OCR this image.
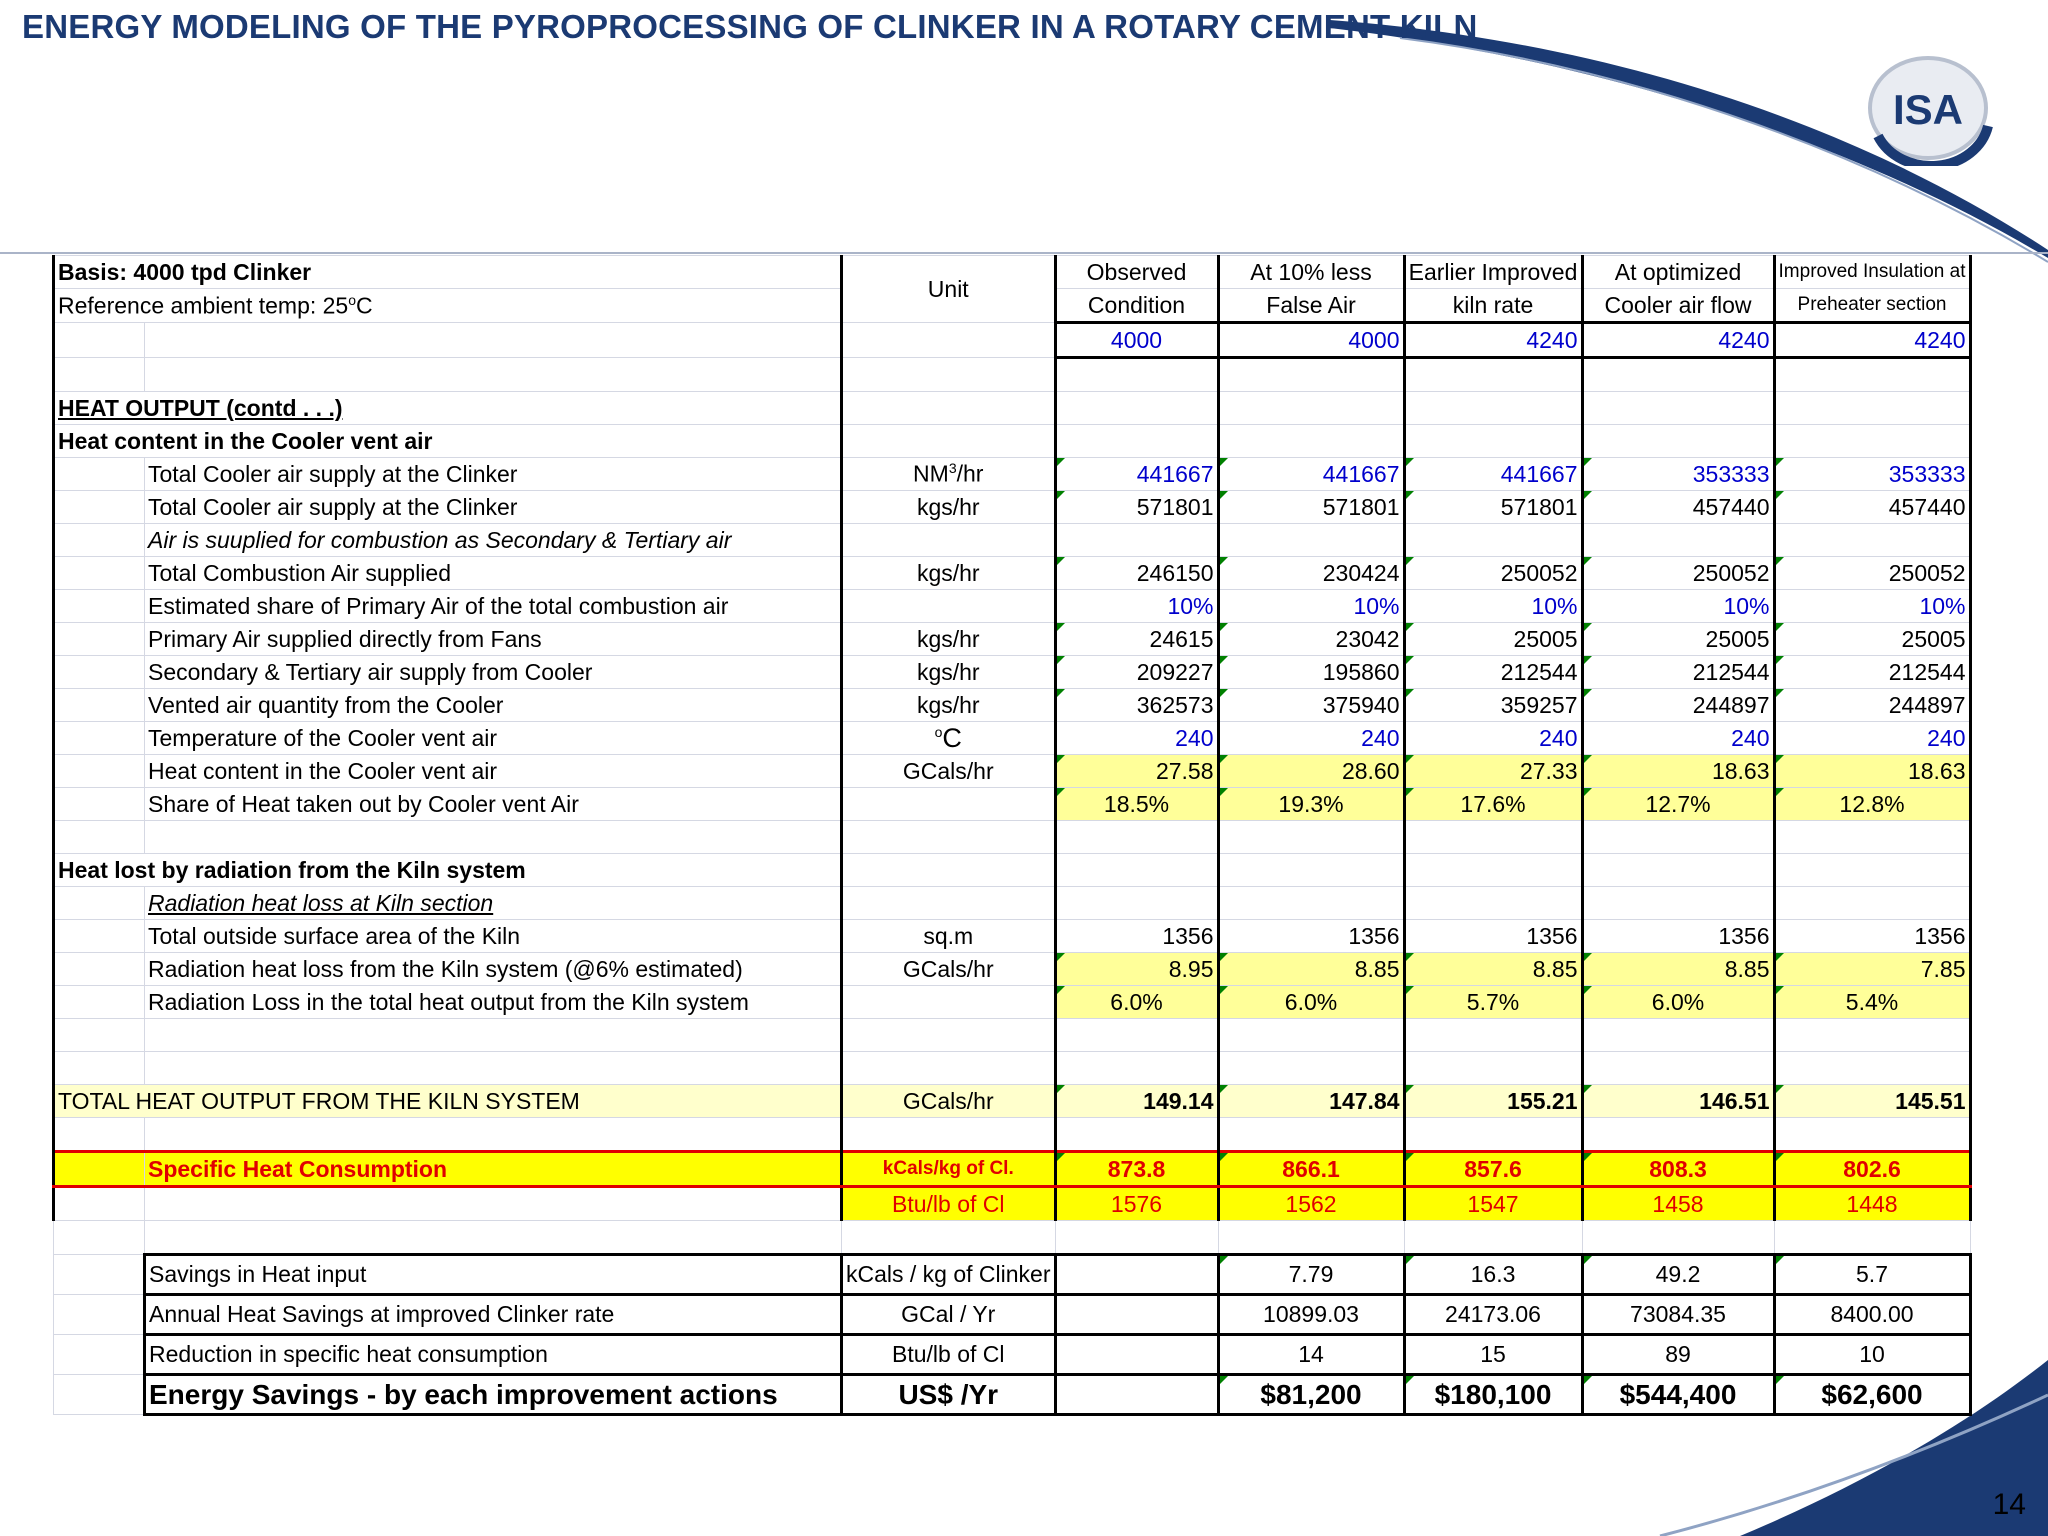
ENERGY MODELING OF THE PYROPROCESSING OF CLINKER IN A ROTARY CEMENT KILN
ISA
Basis: 4000 tpd Clinker		Unit	Observed	At 10% less	Earlier Improved	At optimized	Improved Insulation at
Reference ambient temp: 25$^o$C			Condition	False Air	kiln rate	Cooler air flow	Preheater section
			4000	4000	4240	4240	4240

HEAT OUTPUT (contd . . .)							
Heat content in the Cooler vent air							
	Total Cooler air supply at the Clinker	$NM^3/hr$	441667	441667	441667	353333	353333
	Total Cooler air supply at the Clinker	kgs/hr	571801	571801	571801	457440	457440
	Air is suuplied for combustion as Secondary & Tertiary air						
	Total Combustion Air supplied	kgs/hr	246150	230424	250052	250052	250052
	Estimated share of Primary Air of the total combustion air		10%	10%	10%	10%	10%
	Primary Air supplied directly from Fans	kgs/hr	24615	23042	25005	25005	25005
	Secondary & Tertiary air supply from Cooler	kgs/hr	209227	195860	212544	212544	212544
	Vented air quantity from the Cooler	kgs/hr	362573	375940	359257	244897	244897
	Temperature of the Cooler vent air	$^o$C	240	240	240	240	240
	Heat content in the Cooler vent air	GCals/hr	27.58	28.60	27.33	18.63	18.63
	Share of Heat taken out by Cooler vent Air		18.5%	19.3%	17.6%	12.7%	12.8%

Heat lost by radiation from the Kiln system							
	Radiation heat loss at Kiln section						
	Total outside surface area of the Kiln	sq.m	1356	1356	1356	1356	1356
	Radiation heat loss from the Kiln system (@6% estimated)	GCals/hr	8.95	8.85	8.85	8.85	7.85
	Radiation Loss in the total heat output from the Kiln system		6.0%	6.0%	5.7%	6.0%	5.4%

TOTAL HEAT OUTPUT FROM THE KILN SYSTEM		GCals/hr	149.14	147.84	155.21	146.51	145.51

	Specific Heat Consumption	kCals/kg of Cl.	873.8	866.1	857.6	808.3	802.6
		Btu/lb of Cl	1576	1562	1547	1458	1448

	Savings in Heat input	kCals / kg of Clinker		7.79	16.3	49.2	5.7
	Annual Heat Savings at improved Clinker rate	GCal / Yr		10899.03	24173.06	73084.35	8400.00
	Reduction in specific heat consumption	Btu/lb of Cl		14	15	89	10
	Energy Savings - by each improvement actions	US$ /Yr		$81,200	$180,100	$544,400	$62,600
14
